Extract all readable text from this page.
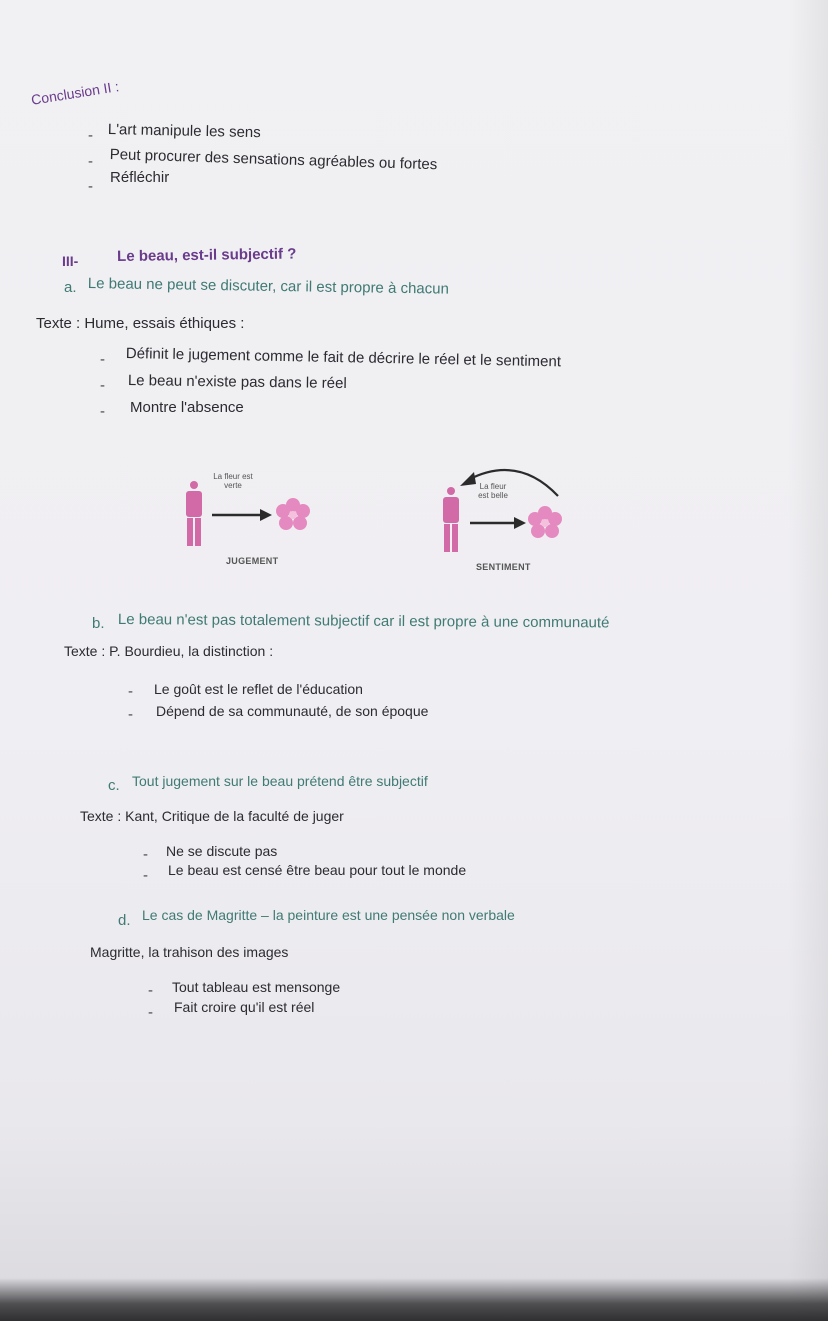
Conclusion II :
- L'art manipule les sens
- Peut procurer des sensations agréables ou fortes
-
Réfléchir
III-	Le beau, est-il subjectif ?
a. Le beau ne peut se discuter, car il est propre à chacun
Texte : Hume, essais éthiques :
- Définit le jugement comme le fait de décrire le réel et le sentiment
- Le beau n'existe pas dans le réel
- Montre l'absence
La fleur est verte
JUGEMENT
La fleur est belle
SENTIMENT
b. Le beau n'est pas totalement subjectif car il est propre à une communauté
Texte : P. Bourdieu, la distinction :
- Le goût est le reflet de l'éducation
- Dépend de sa communauté, de son époque
c. Tout jugement sur le beau prétend être subjectif
Texte : Kant, Critique de la faculté de juger
- Ne se discute pas
- Le beau est censé être beau pour tout le monde
d. Le cas de Magritte – la peinture est une pensée non verbale
Magritte, la trahison des images
- Tout tableau est mensonge
- Fait croire qu'il est réel
